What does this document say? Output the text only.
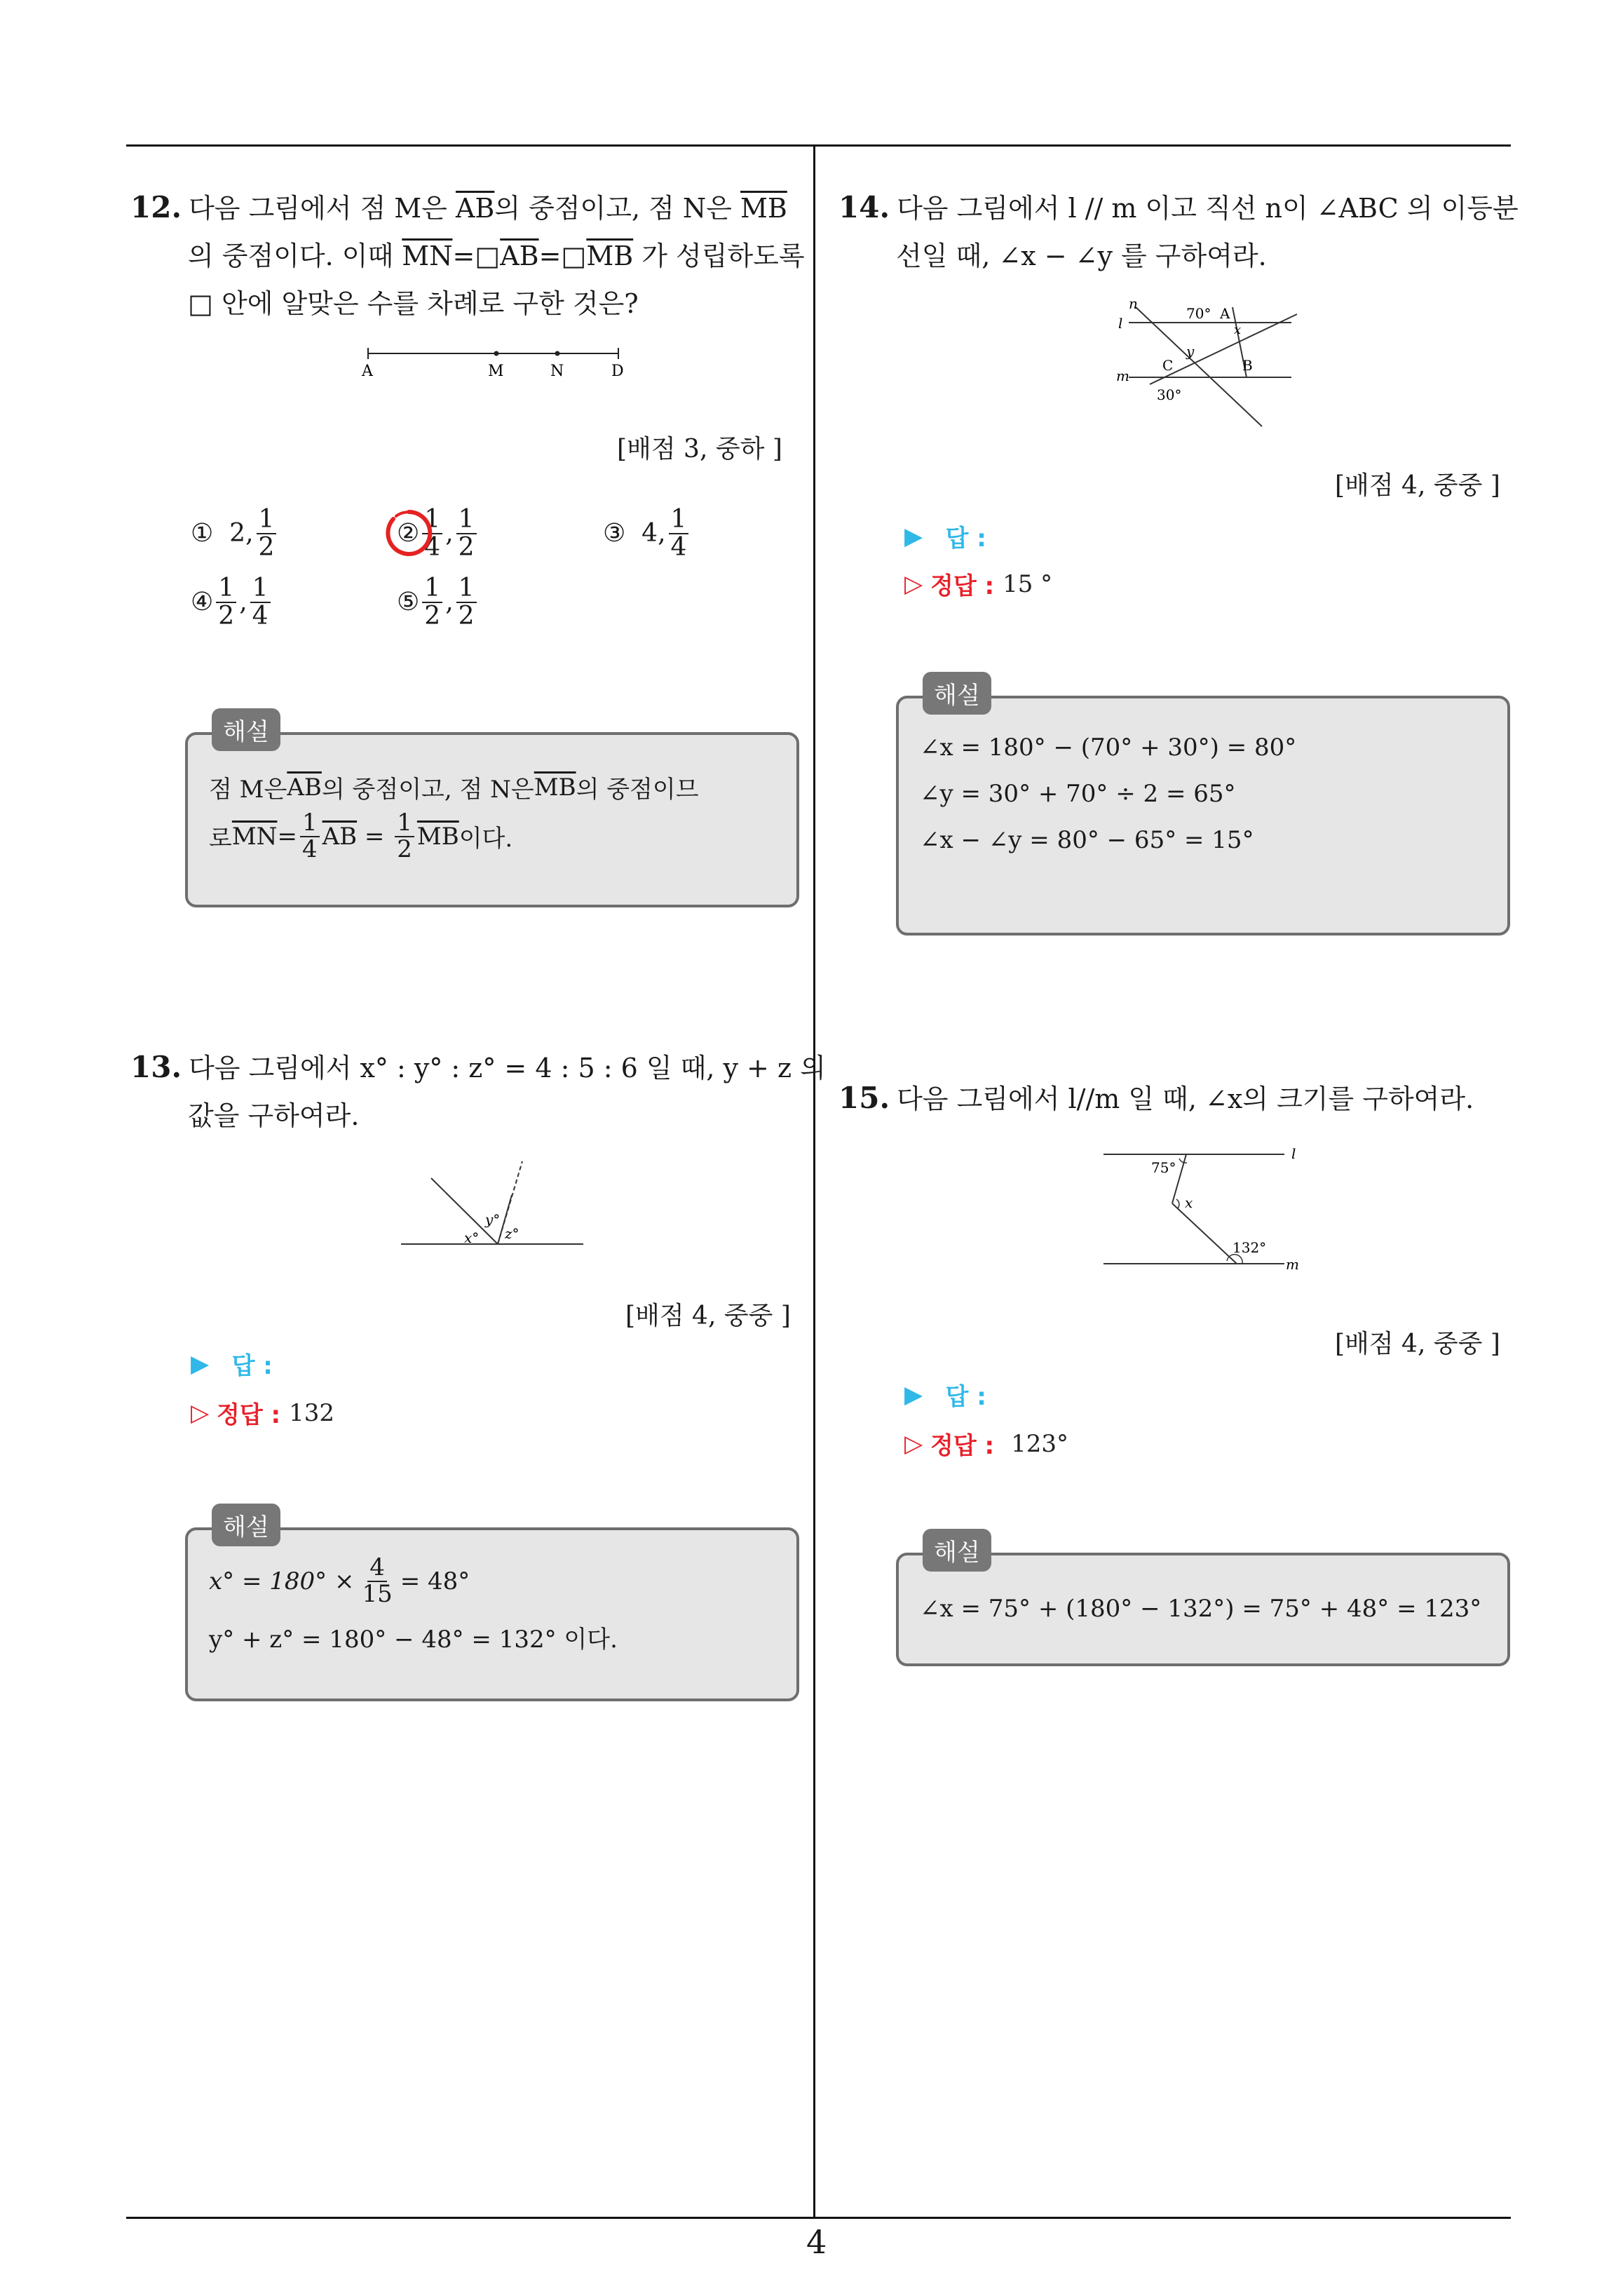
12. 다음 그림에서 점 M은 $\overline{AB}$의 중점이고, 점 N은 $\overline{MB}$
의 중점이다. 이때 $\overline{MN}=□\overline{AB}=□\overline{MB}$ 가 성립하도록
□ 안에 알맞은 수를 차례로 구한 것은?
A	M	N	D
[배점 3, 중하 ]
①
2, $\frac{1}{2}$	② $\frac{1}{4}$ , $\frac{1}{2}$	③
4, $\frac{1}{4}$
④ $\frac{1}{2}$ , $\frac{1}{4}$	⑤ $\frac{1}{2}$ , $\frac{1}{2}$
점 M은 $\overline{AB}$ 의 중점이고, 점 N은 $\overline{MB}$ 의 중점이므
로 $\overline{MN} = \frac{1}{4} \overline{AB} = \frac{1}{2} \overline{MB}$ 이다.
해설
13. 다음 그림에서 x° : y° : z° = 4 : 5 : 6 일 때, y + z 의
값을 구하여라.
x°
y°
z°
[배점 4, 중중 ]
▶
답 :
▷
정답 : 132
$x^\circ = 180^\circ \times \frac{4}{15} = 48^\circ$
y° + z° = 180° − 48° = 132° 이다.
해설
14. 다음 그림에서 l // m 이고 직선 n이 ∠ABC 의 이등분
선일 때, ∠x − ∠y 를 구하여라.
n
l
70° A
x
y
C	B
m
30°
[배점 4, 중중 ]
▶
답 :
▷
정답 : 15 °
∠x = 180° − (70° + 30°) = 80°
∠y = 30° + 70° ÷ 2 = 65°
∠x − ∠y = 80° − 65° = 15°
해설
15. 다음 그림에서 l//m 일 때, ∠x의 크기를 구하여라.
75°
l
x
132°
m
[배점 4, 중중 ]
▶
답 :
▷
정답 : 123°
∠x = 75° + (180° − 132°) = 75° + 48° = 123°
해설
4
